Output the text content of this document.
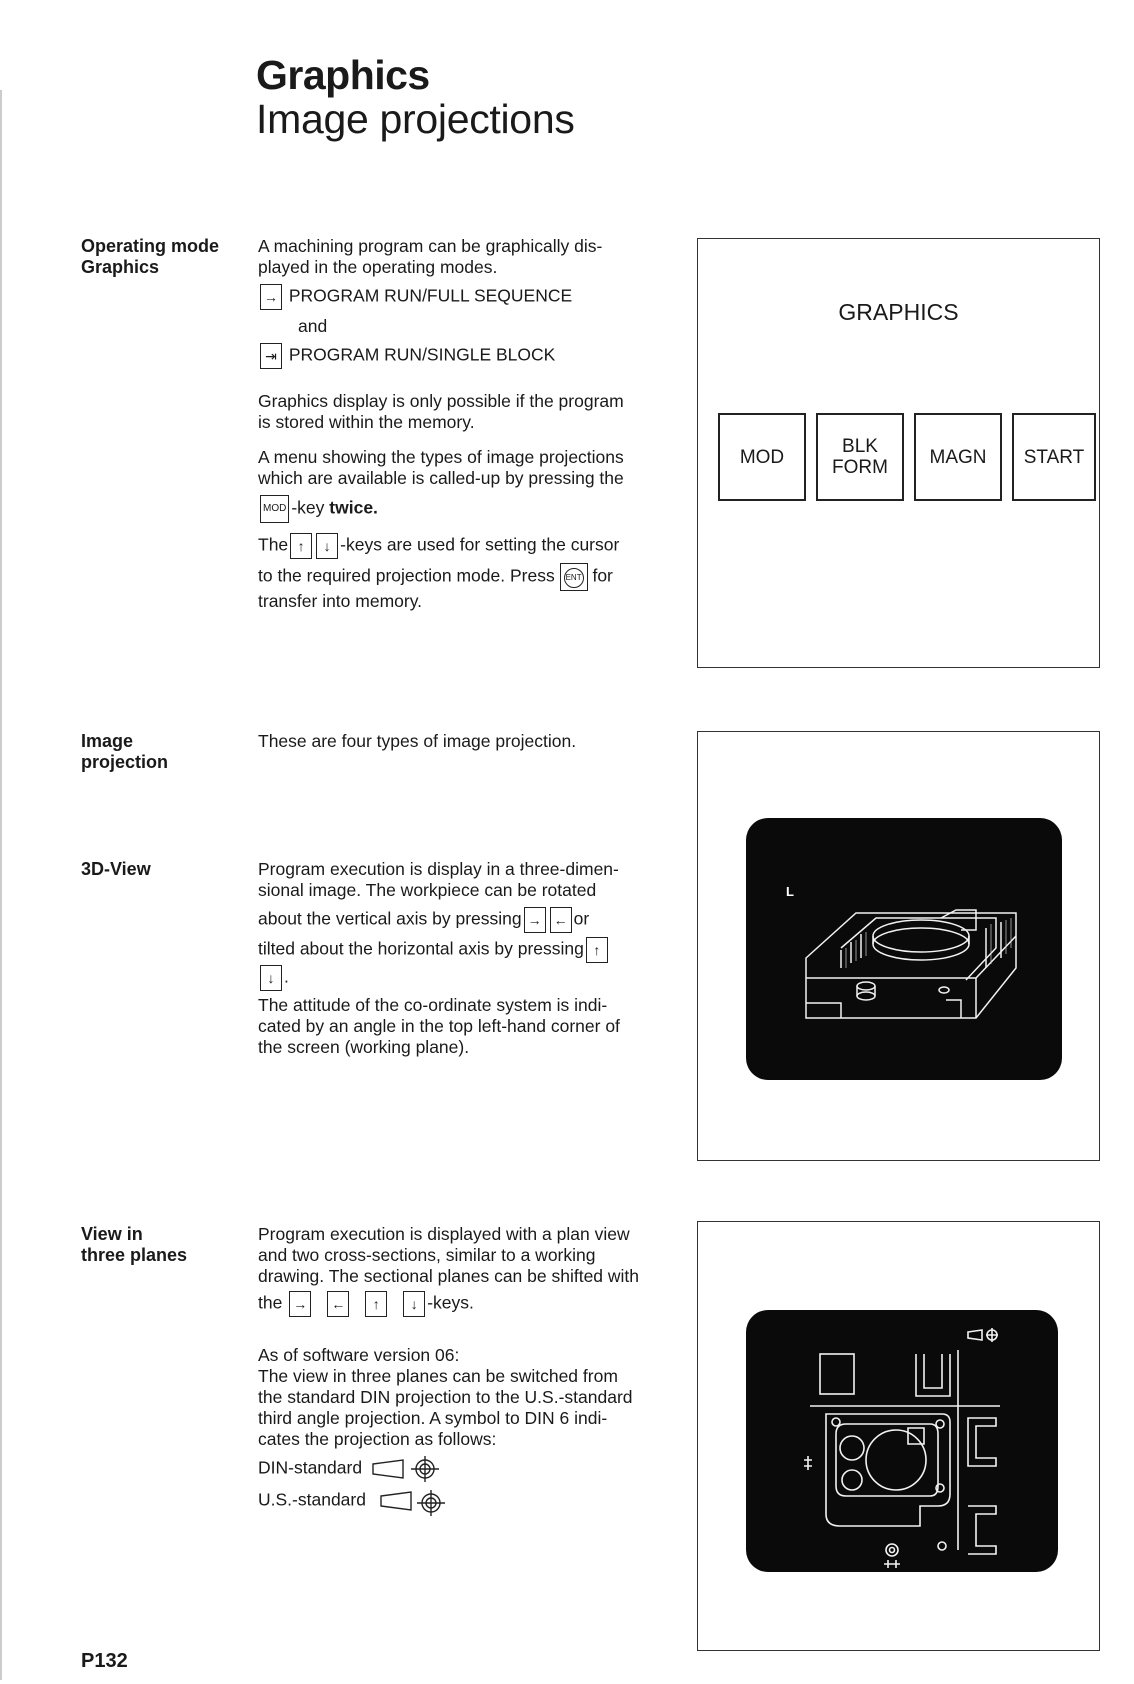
Graphics
Image projections
Operating mode
Graphics

A machining program can be graphically dis-

played in the operating modes.

→ PROGRAM RUN/FULL SEQUENCE

and

⇥ PROGRAM RUN/SINGLE BLOCK

Graphics display is only possible if the program

is stored within the memory.

A menu showing the types of image projections

which are available is called-up by pressing the

MOD -key twice.

The ↑ ↓ -keys are used for setting the cursor

to the required projection mode. Press ENT for

transfer into memory.

GRAPHICS
MOD	BLK FORM	MAGN	START
Image
projection
These are four types of image projection.
3D-View	Program execution is display in a three-dimen-

sional image. The workpiece can be rotated

about the vertical axis by pressing → ← or

tilted about the horizontal axis by pressing ↑

↓ .

The attitude of the co-ordinate system is indi-

cated by an angle in the top left-hand corner of

the screen (working plane).

L
View in
three planes

Program execution is displayed with a plan view

and two cross-sections, similar to a working

drawing. The sectional planes can be shifted with

the → ← ↑ ↓ -keys.

As of software version 06:

The view in three planes can be switched from

the standard DIN projection to the U.S.-standard

third angle projection. A symbol to DIN 6 indi-

cates the projection as follows:

DIN-standard

U.S.-standard

P132
